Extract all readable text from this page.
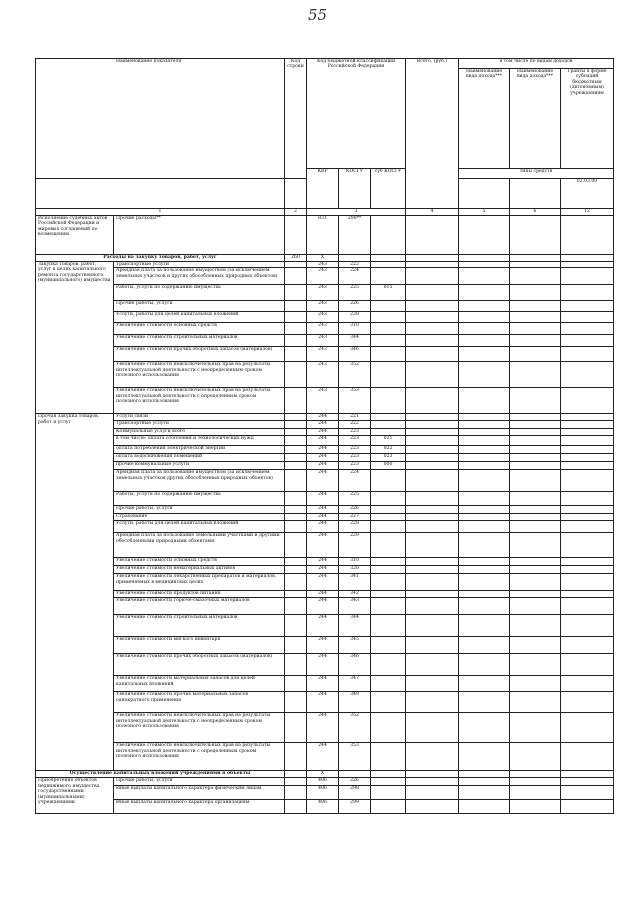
55
Наименование показателя		Код строки	Код бюджетной классификации Российской Федерации			Всего, (руб.)	в том числе по видам доходов		
							Наименование вида дохода***	Наименование вида дохода***	Гранты в форме субсидий бюджетным (автономным) учреждениям
			КВР	КОСГУ	суб КОСГУ		типы средств		
									02.03.00
1		2	3			4	5	6	12
Исполнение судебных актов Российской Федерации и мировых соглашений по возмещению	Прочие расходы**		831	290**					
Расходы на закупку товаров, работ, услуг		260	X						
Закупка товаров, работ, услуг в целях капитального ремонта государственного (муниципального) имущества	Транспортные услуги		243	222					
	Арендная плата за пользование имуществом (за исключением земельных участков и других обособленных природных объектов)		243	224					
	Работы, услуги по содержанию имущества		243	225	015				
	Прочие работы, услуги		243	226					
	Услуги, работы для целей капитальных вложений		243	228					
	Увеличение стоимости основных средств		243	310					
	Увеличение стоимости строительных материалов		243	344					
	Увеличение стоимости прочих оборотных запасов (материалов)		243	346					
	Увеличение стоимости неисключительных прав на результаты интеллектуальной деятельности с неопределенным сроком полезного использования		243	352					
	Увеличение стоимости неисключительных прав на результаты интеллектуальной деятельности с определенным сроком полезного использования		243	353					
Прочая закупка товаров, работ и услуг	Услуги связи		244	221					
	Транспортные услуги		244	222					
	Коммунальные услуги всего		244	223					
	в том числе: оплата отопления и технологических нужд		244	223	021				
	оплата потребления электрической энергии		244	223	022				
	оплата водоснабжения помещений		244	223	023				
	прочие коммунальные услуги		244	223	000				
	Арендная плата за пользование имуществом (за исключением земельных участков других обособленных природных объектов)		244	224					
	Работы, услуги по содержанию имущества		244	225					
	Прочие работы, услуги		244	226					
	Страхование		244	227					
	Услуги, работы для целей капитальных вложений		244	228					
	Арендная плата за пользование земельными участками и другими обособленными природными объектами		244	229					
	Увеличение стоимости основных средств		244	310					
	Увеличение стоимости нематериальных активов		244	320					
	Увеличение стоимости лекарственных препаратов и материалов, применяемых в медицинских целях		244	341					
	Увеличение стоимости продуктов питания		244	342					
	Увеличение стоимости горюче-смазочных материалов		244	343					
	Увеличение стоимости строительных материалов		244	344					
	Увеличение стоимости мягкого инвентаря		244	345					
	Увеличение стоимости прочих оборотных запасов (материалов)		244	346					
	Увеличение стоимости материальных запасов для целей капитальных вложений		244	347					
	Увеличение стоимости прочих материальных запасов однократного применения		244	349					
	Увеличение стоимости неисключительных прав на результаты интеллектуальной деятельности с неопределенным сроком полезного использования		244	352					
	Увеличение стоимости неисключительных прав на результаты интеллектуальной деятельности с определенным сроком полезного использования		244	353					
Осуществление капитальных вложений учреждениями в объекты			X						
Приобретение объектов недвижимого имущества государственными (муниципальными) учреждениями	Прочие работы, услуги		406	226					
	Иные выплаты капитального характера физическим лицам		406	298					
	Иные выплаты капитального характера организациям		406	299					
